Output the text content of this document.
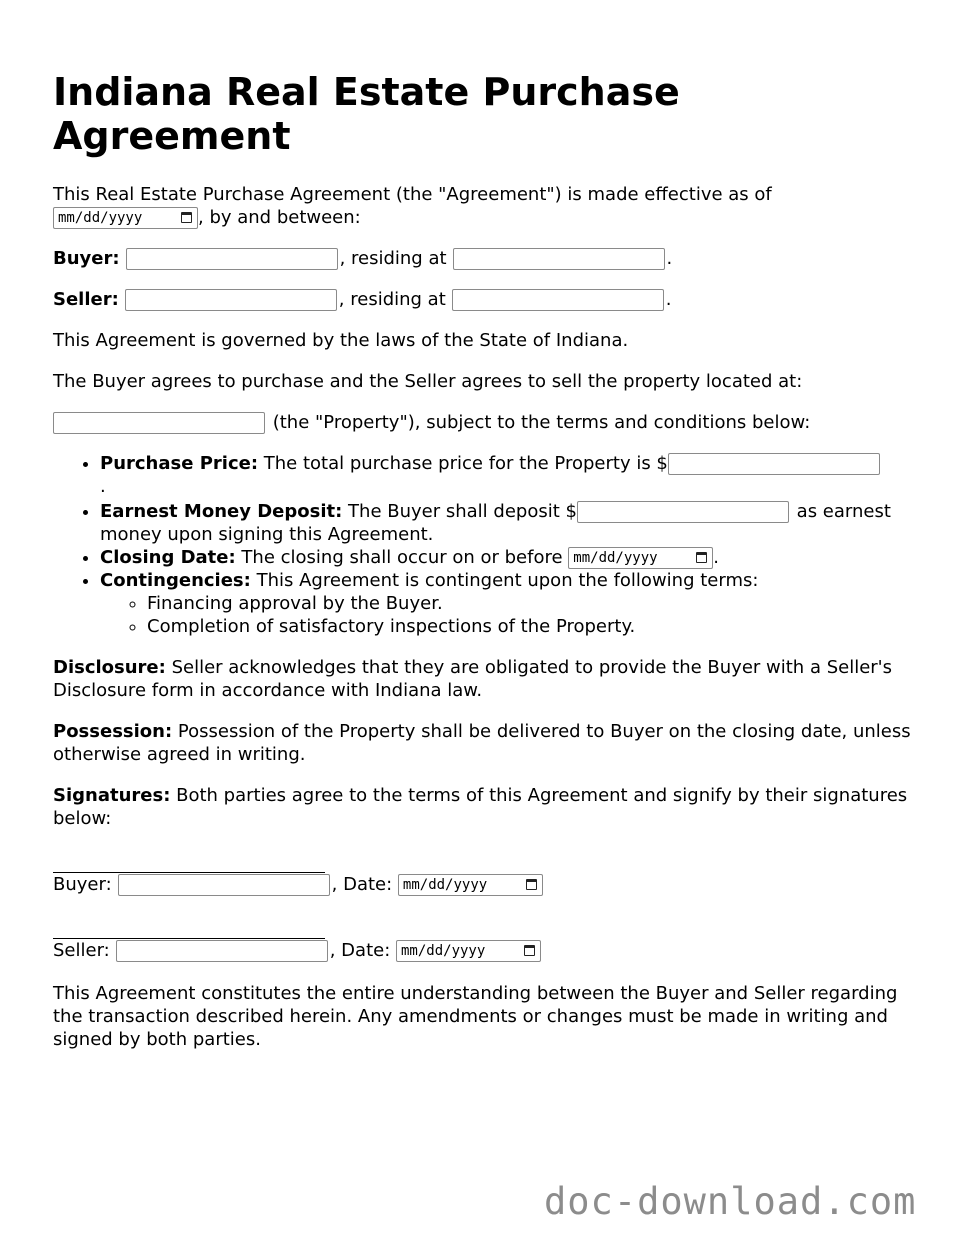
Indiana Real Estate Purchase Agreement

This Real Estate Purchase Agreement (the "Agreement") is made effective as of
mm/dd/yyyy	, by and between:

Buyer:	, residing at	.

Seller:	, residing at	.

This Agreement is governed by the laws of the State of Indiana.

The Buyer agrees to purchase and the Seller agrees to sell the property located at:

(the "Property"), subject to the terms and conditions below:

• Purchase Price: The total purchase price for the Property is $
.
• Earnest Money Deposit: The Buyer shall deposit $	as earnest money upon signing this Agreement.
• Closing Date: The closing shall occur on or before mm/dd/yyyy	.
• Contingencies: This Agreement is contingent upon the following terms:
◦ Financing approval by the Buyer.
◦ Completion of satisfactory inspections of the Property.

Disclosure: Seller acknowledges that they are obligated to provide the Buyer with a Seller's Disclosure form in accordance with Indiana law.

Possession: Possession of the Property shall be delivered to Buyer on the closing date, unless otherwise agreed in writing.

Signatures: Both parties agree to the terms of this Agreement and signify by their signatures below:

Buyer:	, Date: mm/dd/yyyy
Seller:	, Date: mm/dd/yyyy

This Agreement constitutes the entire understanding between the Buyer and Seller regarding the transaction described herein. Any amendments or changes must be made in writing and signed by both parties.

doc-download.com
